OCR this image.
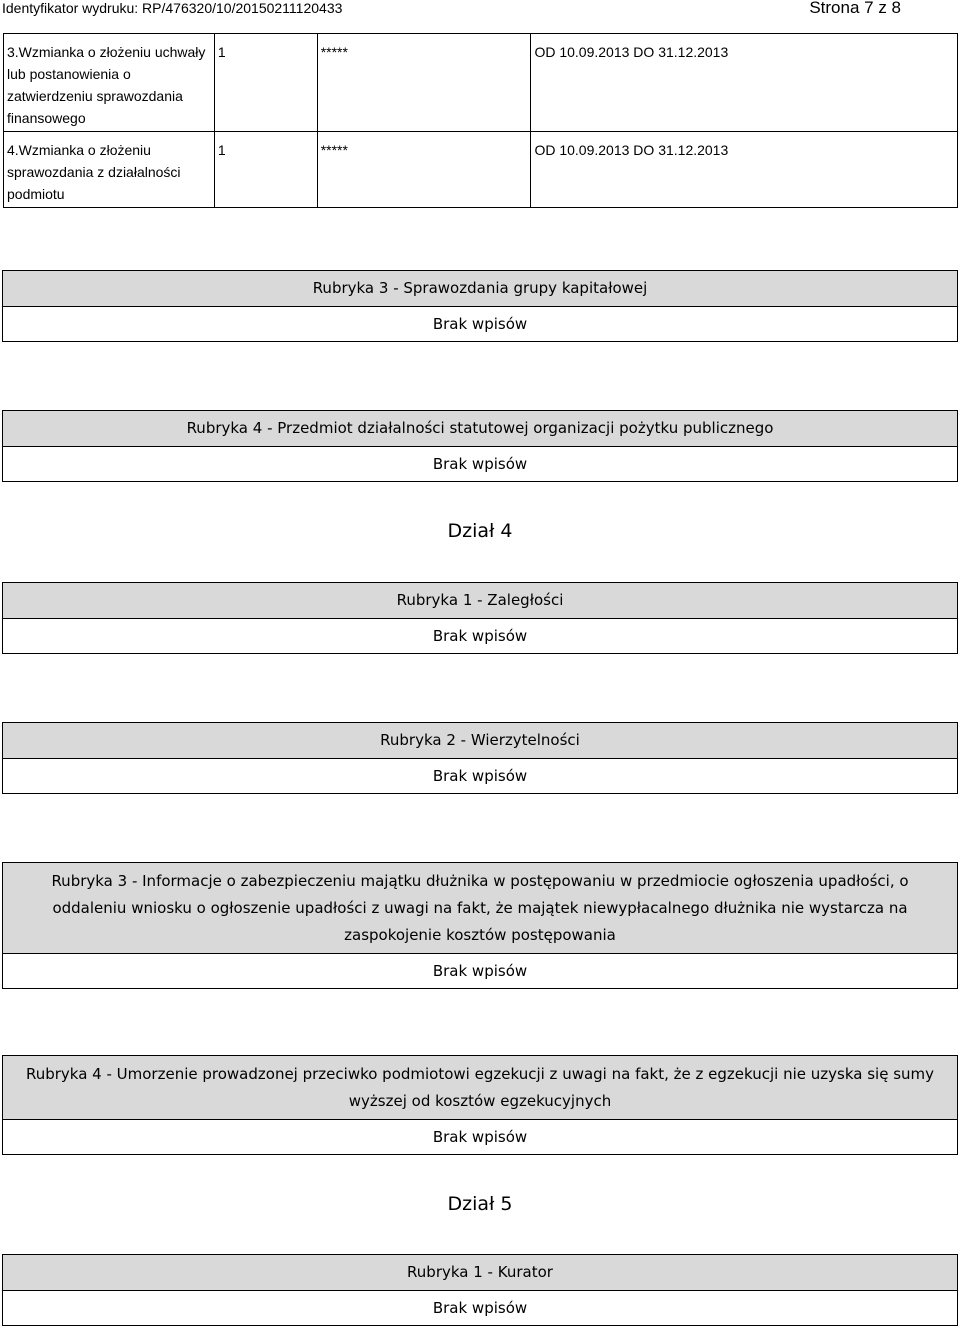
Identyfikator wydruku: RP/476320/10/20150211120433	Strona 7 z 8
3.Wzmianka o złożeniu uchwały lub postanowienia o zatwierdzeniu sprawozdania finansowego	1	*****	OD 10.09.2013 DO 31.12.2013
4.Wzmianka o złożeniu sprawozdania z działalności podmiotu	1	*****	OD 10.09.2013 DO 31.12.2013
Rubryka 3 - Sprawozdania grupy kapitałowej
Brak wpisów
Rubryka 4 - Przedmiot działalności statutowej organizacji pożytku publicznego
Brak wpisów
Dział 4
Rubryka 1 - Zaległości
Brak wpisów
Rubryka 2 - Wierzytelności
Brak wpisów
Rubryka 3 - Informacje o zabezpieczeniu majątku dłużnika w postępowaniu w przedmiocie ogłoszenia upadłości, o oddaleniu wniosku o ogłoszenie upadłości z uwagi na fakt, że majątek niewypłacalnego dłużnika nie wystarcza na zaspokojenie kosztów postępowania
Brak wpisów
Rubryka 4 - Umorzenie prowadzonej przeciwko podmiotowi egzekucji z uwagi na fakt, że z egzekucji nie uzyska się sumy wyższej od kosztów egzekucyjnych
Brak wpisów
Dział 5
Rubryka 1 - Kurator
Brak wpisów
